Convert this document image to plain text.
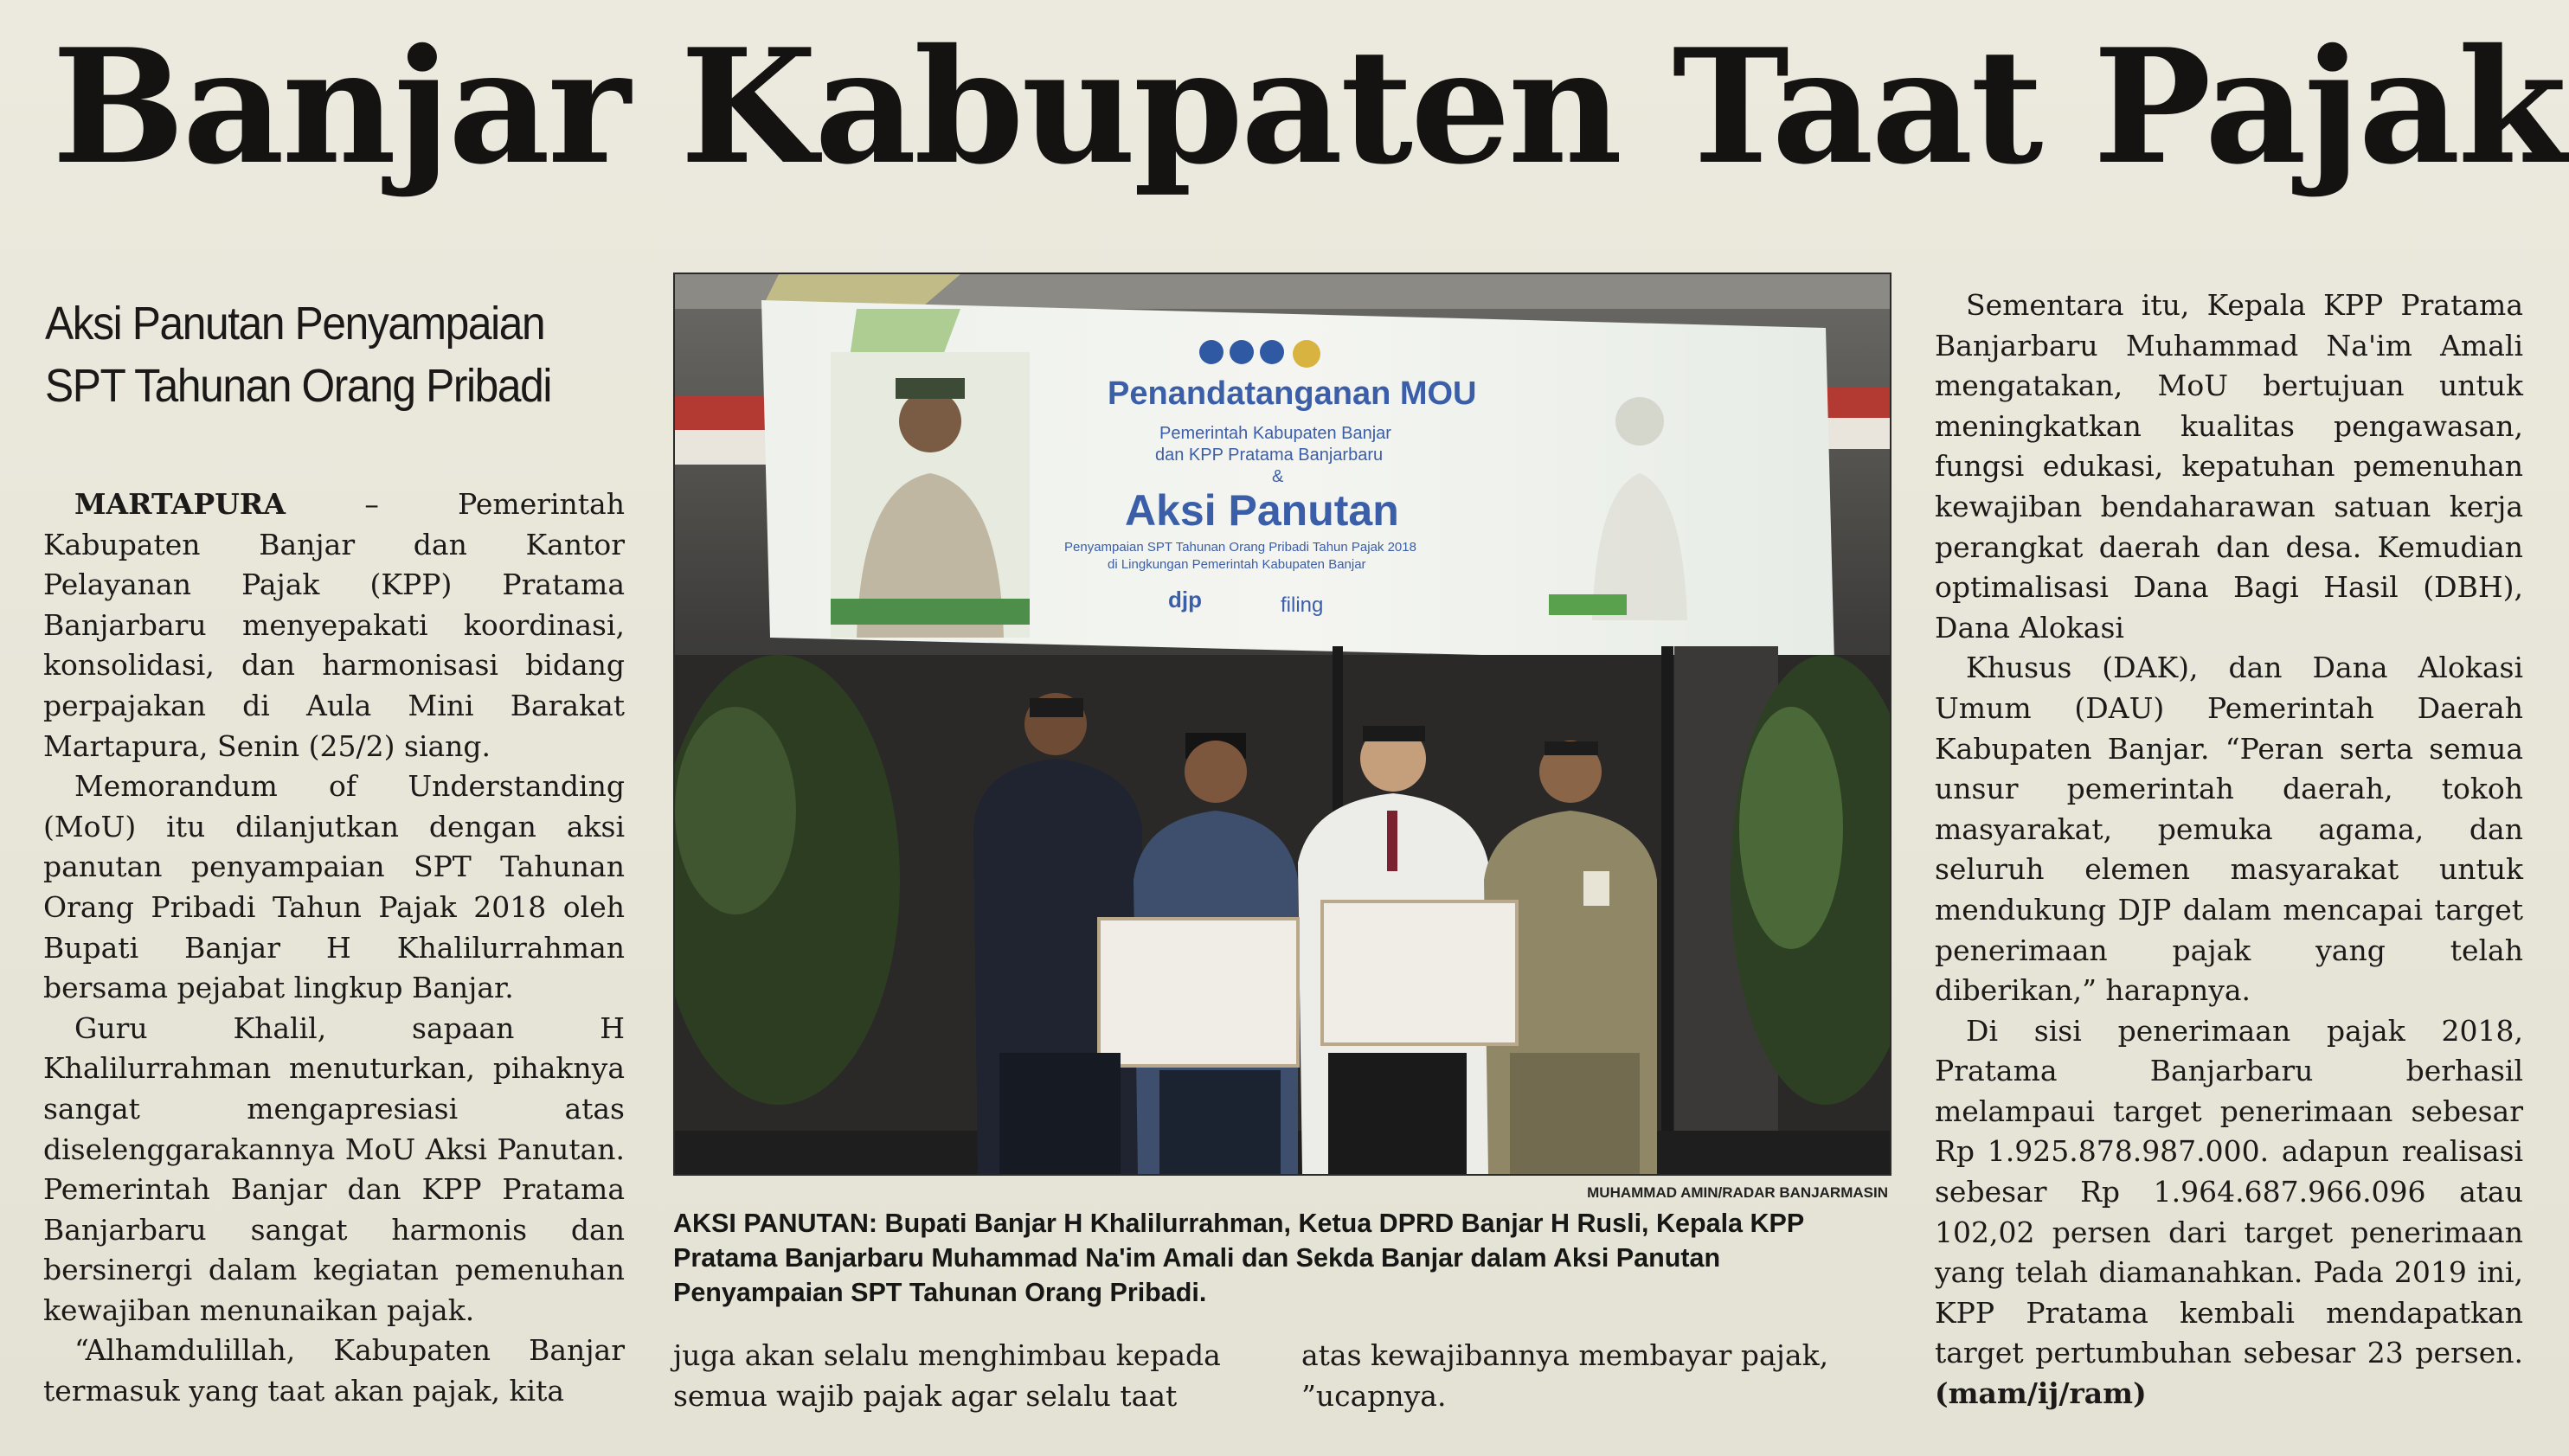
Banjar Kabupaten Taat Pajak
Aksi Panutan Penyampaian
SPT Tahunan Orang Pribadi

MARTAPURA	– Pemerintah Kabupaten Banjar dan Kantor Pelayanan Pajak (KPP) Pratama Banjarbaru menyepakati koordinasi, konsolidasi, dan harmonisasi bidang perpajakan di Aula Mini Barakat Martapura, Senin (25/2) siang.

Memorandum of Understanding (MoU) itu dilanjutkan dengan aksi panutan penyampaian SPT Tahunan Orang Pribadi Tahun Pajak 2018 oleh Bupati Banjar H Khalilurrahman bersama pejabat lingkup Banjar.

Guru Khalil, sapaan H Khalilurrahman menuturkan, pihaknya sangat mengapresiasi atas diselenggarakannya MoU Aksi Panutan. Pemerintah Banjar dan KPP Pratama Banjarbaru sangat harmonis dan bersinergi dalam kegiatan pemenuhan kewajiban menunaikan pajak.

“Alhamdulillah, Kabupaten Banjar termasuk yang taat akan pajak, kita

Penandatanganan MOU
Pemerintah Kabupaten Banjar
dan KPP Pratama Banjarbaru
&
Aksi Panutan
Penyampaian SPT Tahunan Orang Pribadi Tahun Pajak 2018
di Lingkungan Pemerintah Kabupaten Banjar
djp	filing
MUHAMMAD AMIN/RADAR BANJARMASIN
AKSI PANUTAN: Bupati Banjar H Khalilurrahman, Ketua DPRD Banjar H Rusli, Kepala KPP Pratama Banjarbaru Muhammad Na'im Amali dan Sekda Banjar dalam Aksi Panutan Penyampaian SPT Tahunan Orang Pribadi.

juga akan selalu menghimbau kepada semua wajib pajak agar selalu taat

atas kewajibannya membayar pajak, ”ucapnya.

Sementara itu, Kepala KPP Pratama Banjarbaru Muhammad Na'im Amali mengatakan, MoU bertujuan untuk meningkatkan kualitas pengawasan, fungsi edukasi, kepatuhan pemenuhan kewajiban bendaharawan satuan kerja perangkat daerah dan desa. Kemudian optimalisasi Dana Bagi Hasil (DBH), Dana Alokasi

Khusus (DAK), dan Dana Alokasi Umum (DAU) Pemerintah Daerah Kabupaten Banjar. “Peran serta semua unsur pemerintah daerah, tokoh masyarakat, pemuka agama, dan seluruh elemen masyarakat untuk mendukung DJP dalam mencapai target penerimaan pajak yang telah diberikan,” harapnya.

Di sisi penerimaan pajak 2018, Pratama Banjarbaru berhasil melampaui target penerimaan sebesar Rp 1.925.878.987.000. adapun realisasi sebesar Rp 1.964.687.966.096 atau 102,02 persen dari target penerimaan yang telah diamanahkan. Pada 2019 ini, KPP Pratama kembali mendapatkan target pertumbuhan sebesar 23 persen. (mam/ij/ram)
